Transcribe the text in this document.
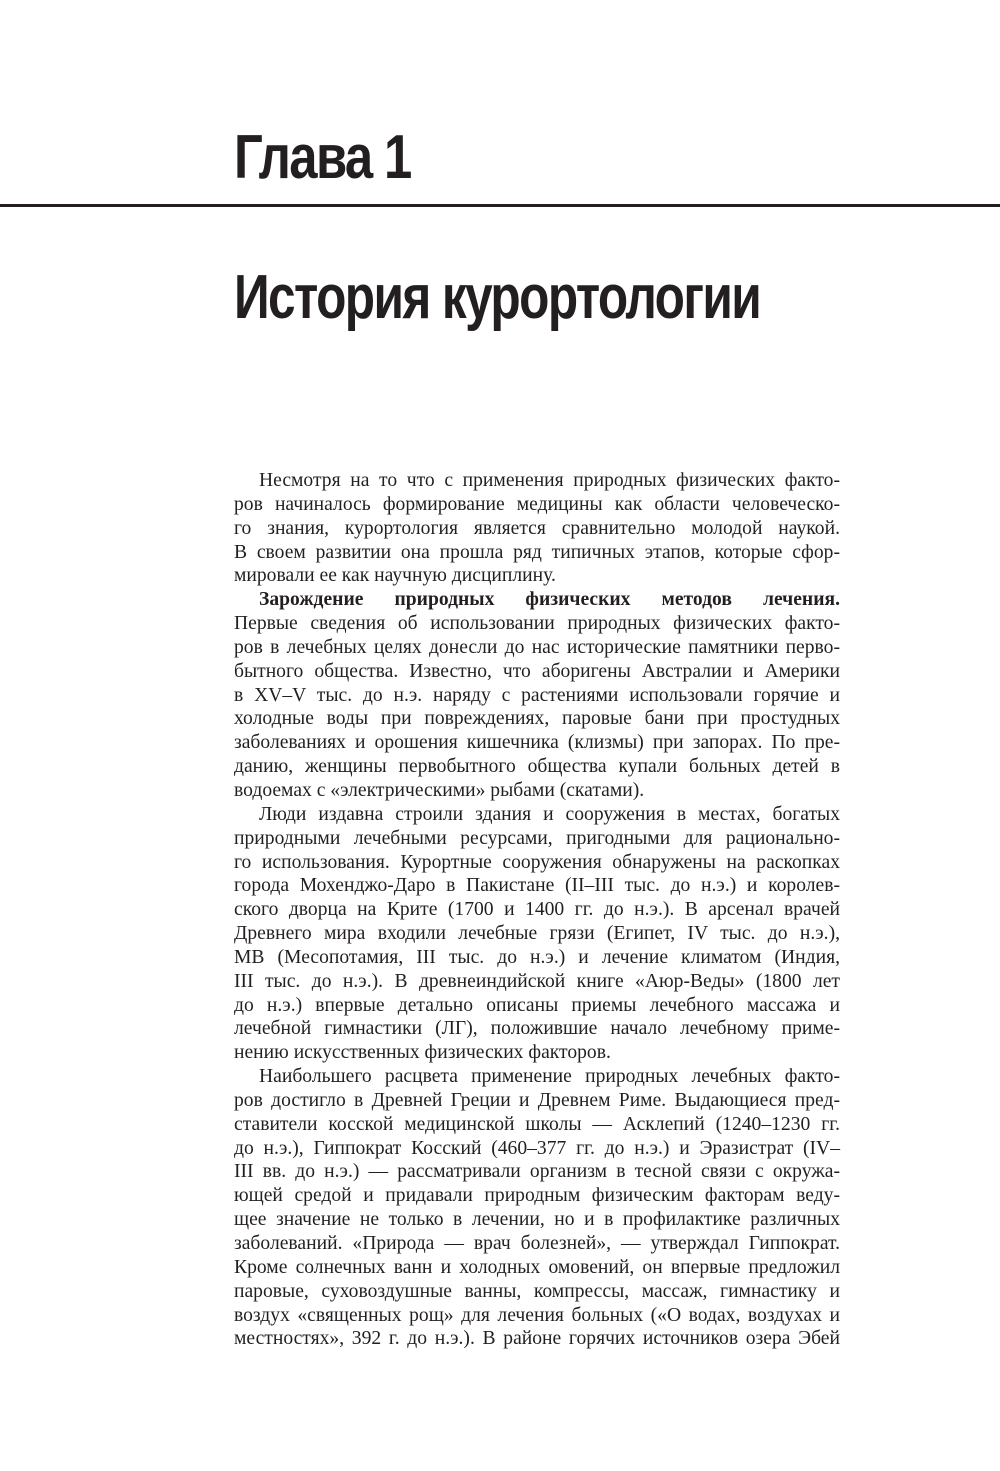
Глава 1
История курортологии
Несмотря на то что с применения природных физических факто-
ров начиналось формирование медицины как области человеческо-
го знания, курортология является сравнительно молодой наукой.
В своем развитии она прошла ряд типичных этапов, которые сфор-
мировали ее как научную дисциплину.
Зарождение природных физических методов лечения.
Первые сведения об использовании природных физических факто-
ров в лечебных целях донесли до нас исторические памятники перво-
бытного общества. Известно, что аборигены Австралии и Америки
в XV–V тыс. до н.э. наряду с растениями использовали горячие и
холодные воды при повреждениях, паровые бани при простудных
заболеваниях и орошения кишечника (клизмы) при запорах. По пре-
данию, женщины первобытного общества купали больных детей в
водоемах с «электрическими» рыбами (скатами).
Люди издавна строили здания и сооружения в местах, богатых
природными лечебными ресурсами, пригодными для рационально-
го использования. Курортные сооружения обнаружены на раскопках
города Мохенджо-Даро в Пакистане (II–III тыс. до н.э.) и королев-
ского дворца на Крите (1700 и 1400 гг. до н.э.). В арсенал врачей
Древнего мира входили лечебные грязи (Египет, IV тыс. до н.э.),
МВ (Месопотамия, III тыс. до н.э.) и лечение климатом (Индия,
III тыс. до н.э.). В древнеиндийской книге «Аюр-Веды» (1800 лет
до н.э.) впервые детально описаны приемы лечебного массажа и
лечебной гимнастики (ЛГ), положившие начало лечебному приме-
нению искусственных физических факторов.
Наибольшего расцвета применение природных лечебных факто-
ров достигло в Древней Греции и Древнем Риме. Выдающиеся пред-
ставители косской медицинской школы — Асклепий (1240–1230 гг.
до н.э.), Гиппократ Косский (460–377 гг. до н.э.) и Эразистрат (IV–
III вв. до н.э.) — рассматривали организм в тесной связи с окружа-
ющей средой и придавали природным физическим факторам веду-
щее значение не только в лечении, но и в профилактике различных
заболеваний. «Природа — врач болезней», — утверждал Гиппократ.
Кроме солнечных ванн и холодных омовений, он впервые предложил
паровые, суховоздушные ванны, компрессы, массаж, гимнастику и
воздух «священных рощ» для лечения больных («О водах, воздухах и
местностях», 392 г. до н.э.). В районе горячих источников озера Эбей
